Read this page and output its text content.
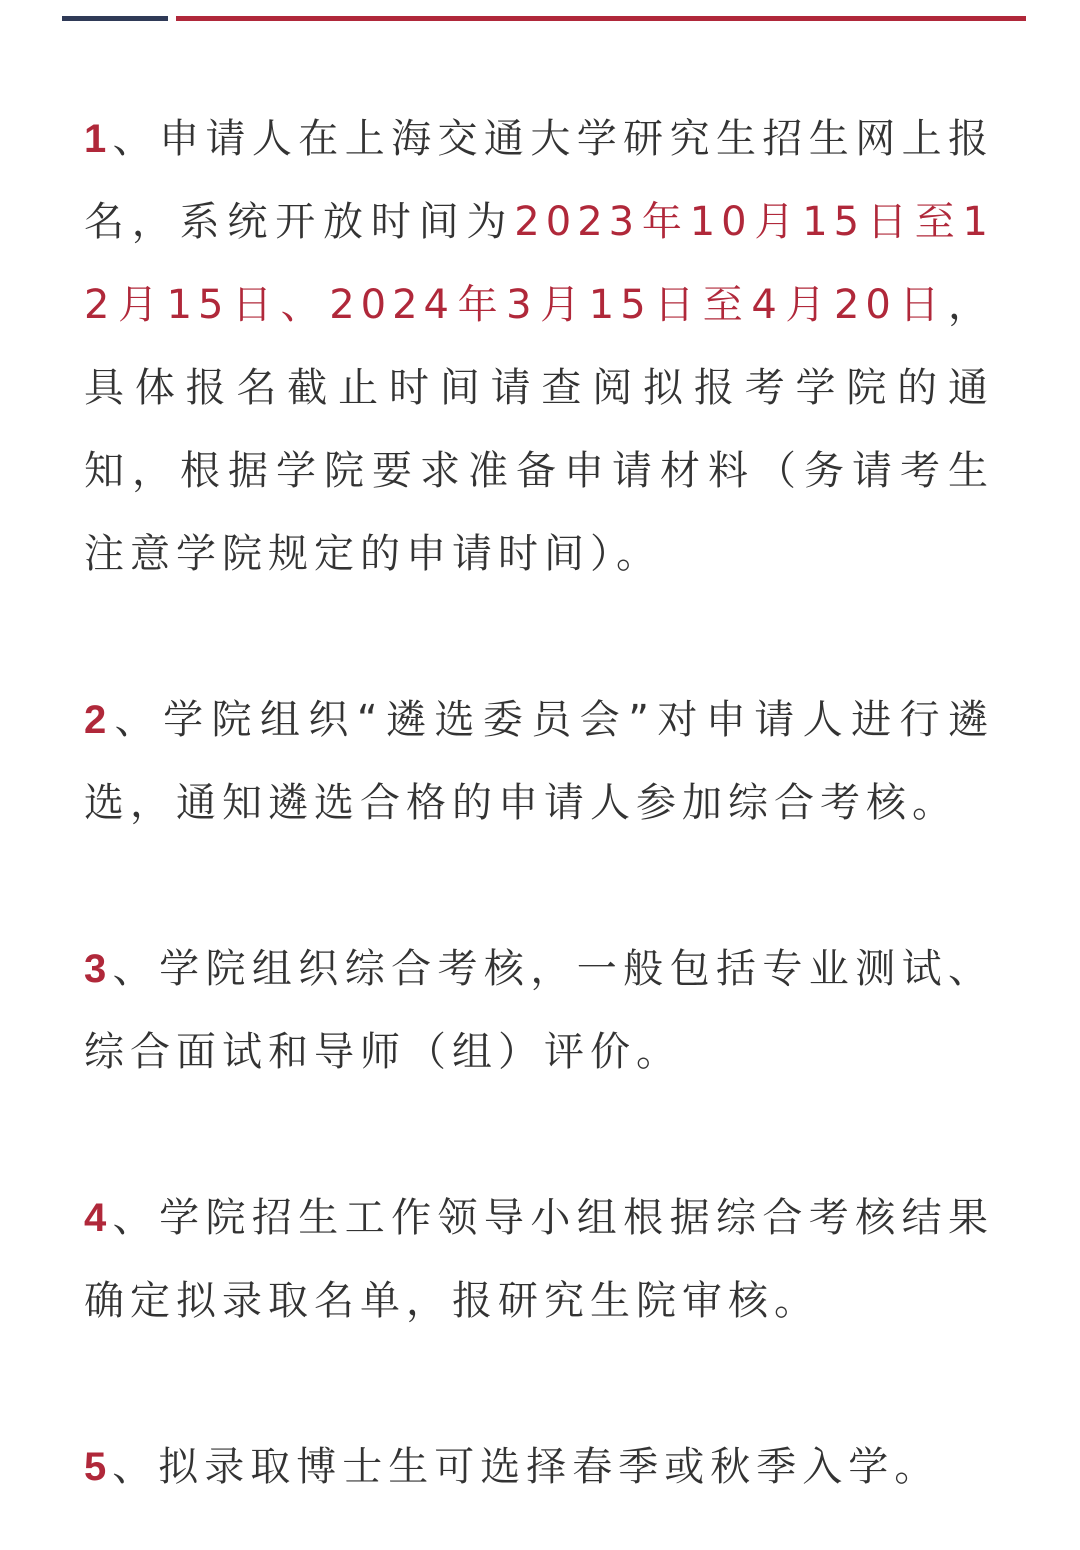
1、申请人在上海交通大学研究生招生网上报名，系统开放时间为2023年10月15日至12月15日、2024年3月15日至4月20日，具体报名截止时间请查阅拟报考学院的通知，根据学院要求准备申请材料（务请考生注意学院规定的申请时间）。

2、学院组织“遴选委员会”对申请人进行遴选，通知遴选合格的申请人参加综合考核。

3、学院组织综合考核，一般包括专业测试、综合面试和导师（组）评价。

4、学院招生工作领导小组根据综合考核结果确定拟录取名单，报研究生院审核。

5、拟录取博士生可选择春季或秋季入学。
